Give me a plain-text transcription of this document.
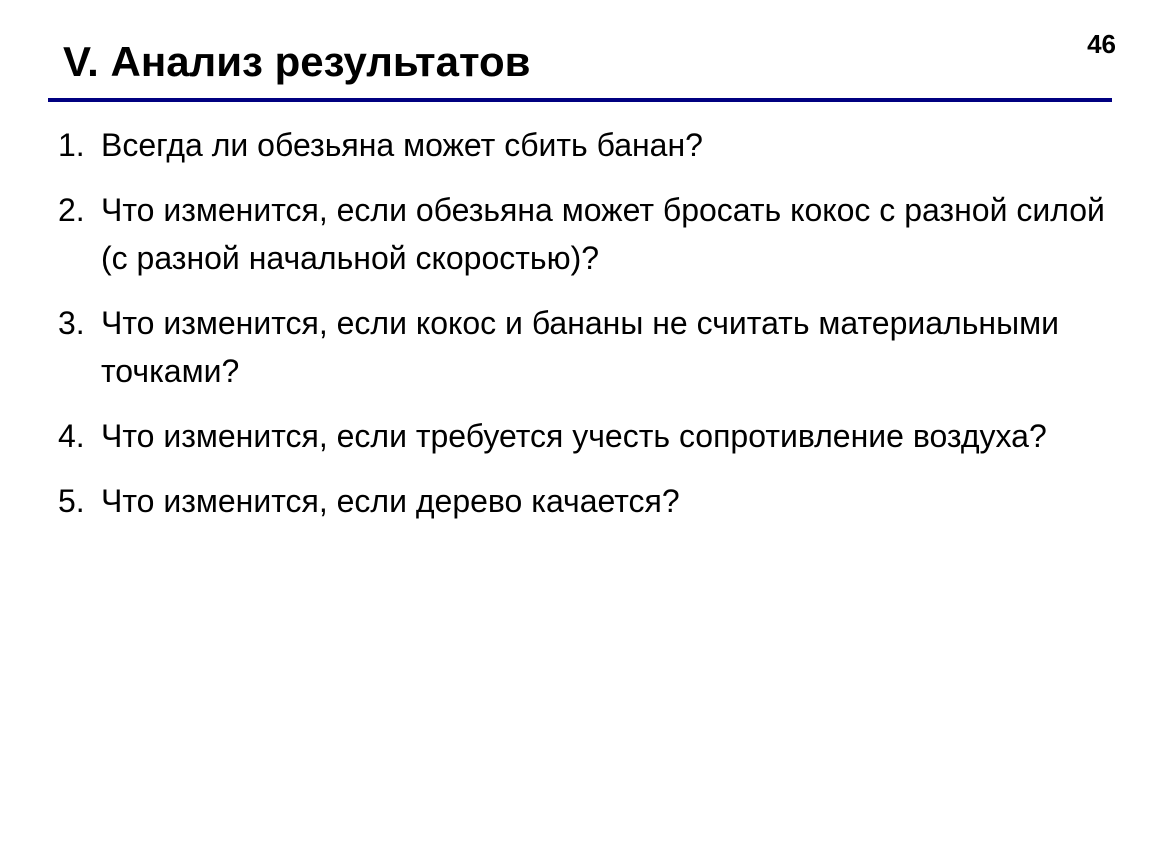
V. Анализ результатов	46
1. Всегда ли обезьяна может сбить банан?
2. Что изменится, если обезьяна может бросать кокос с разной силой (с разной начальной скоростью)?
3. Что изменится, если кокос и бананы не считать материальными точками?
4. Что изменится, если требуется учесть сопротивление воздуха?
5. Что изменится, если дерево качается?
